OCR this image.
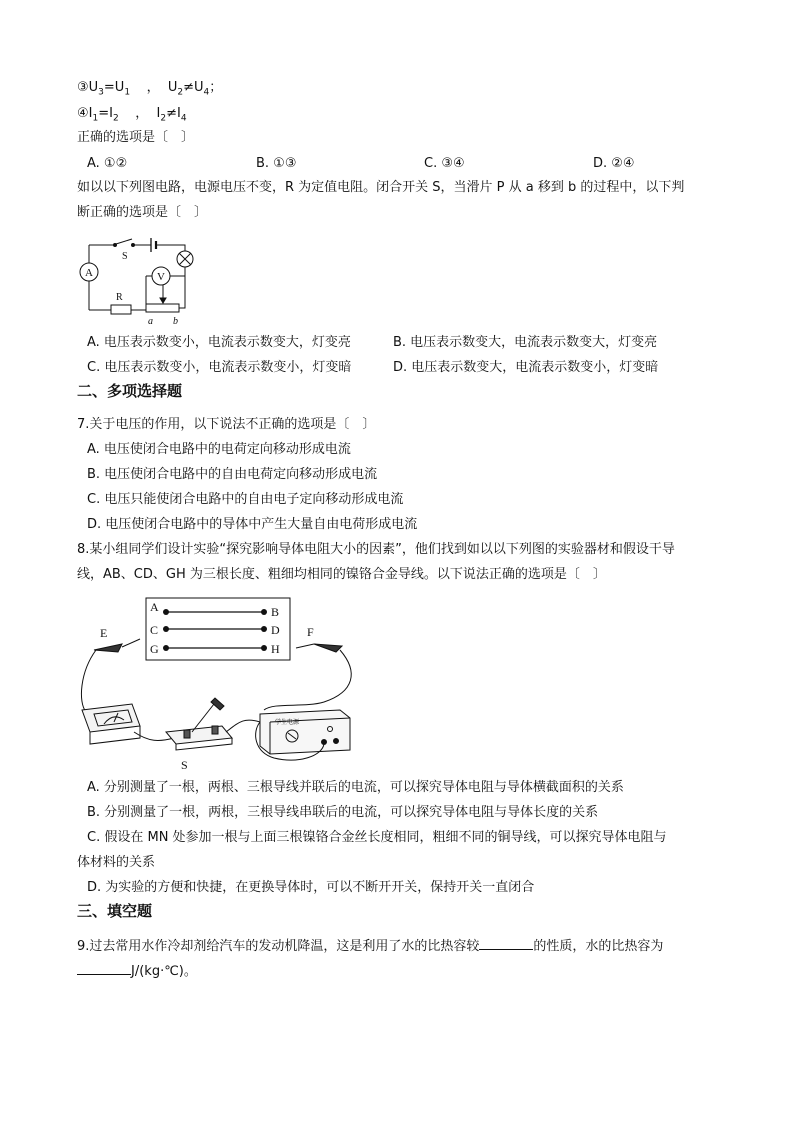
$③U_3=U_1$ ， $U_2\ne U_4$；
$④I_1=I_2$ ， $I_2\ne I_4$
正确的选项是〔　〕
A. ①②	B. ①③	C. ③④	D. ②④
如以以下列图电路，电源电压不变，R 为定值电阻。闭合开关 S，当滑片 P 从 a 移到 b 的过程中，以下判
断正确的选项是〔　〕
S
A	V
R
a b
A. 电压表示数变小，电流表示数变大，灯变亮	B. 电压表示数变大，电流表示数变大，灯变亮
C. 电压表示数变小，电流表示数变小，灯变暗	D. 电压表示数变大，电流表示数变小，灯变暗
二、多项选择题
7.关于电压的作用，以下说法不正确的选项是〔　〕
A. 电压使闭合电路中的电荷定向移动形成电流
B. 电压使闭合电路中的自由电荷定向移动形成电流
C. 电压只能使闭合电路中的自由电子定向移动形成电流
D. 电压使闭合电路中的导体中产生大量自由电荷形成电流
8.某小组同学们设计实验“探究影响导体电阻大小的因素”，他们找到如以以下列图的实验器材和假设干导
线，AB、CD、GH 为三根长度、粗细均相同的镍铬合金导线。以下说法正确的选项是〔　〕
A	B
C	D
G	H
E	F
S
学生电源
A. 分别测量了一根，两根、三根导线并联后的电流，可以探究导体电阻与导体横截面积的关系
B. 分别测量了一根，两根，三根导线串联后的电流，可以探究导体电阻与导体长度的关系
C. 假设在 MN 处参加一根与上面三根镍铬合金丝长度相同，粗细不同的铜导线，可以探究导体电阻与
体材料的关系
D. 为实验的方便和快捷，在更换导体时，可以不断开开关，保持开关一直闭合
三、填空题
9.过去常用水作冷却剂给汽车的发动机降温，这是利用了水的比热容较	的性质，水的比热容为
J/(kg·℃)。
